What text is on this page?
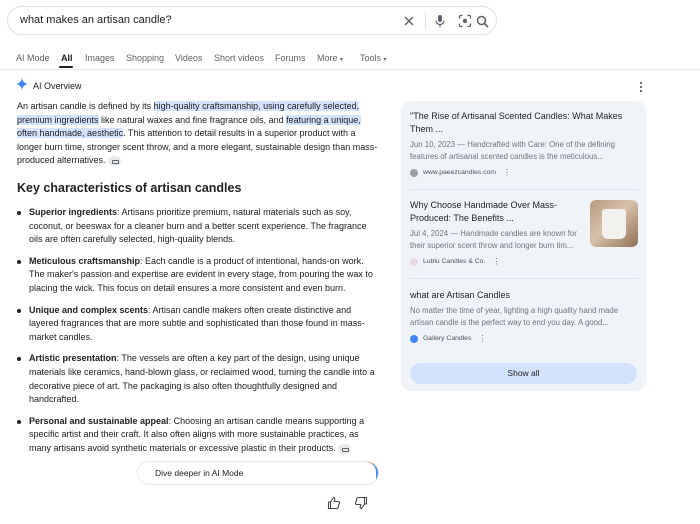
what makes an artisan candle?
AI Mode All Images Shopping Videos Short videos Forums More ▾ Tools ▾
AI Overview

An artisan candle is defined by its high-quality craftsmanship, using carefully selected, premium ingredients like natural waxes and fine fragrance oils, and featuring a unique, often handmade, aesthetic. This attention to detail results in a superior product with a longer burn time, stronger scent throw, and a more elegant, sustainable design than mass-produced alternatives.

Key characteristics of artisan candles
Superior ingredients: Artisans prioritize premium, natural materials such as soy, coconut, or beeswax for a cleaner burn and a better scent experience. The fragrance oils are often carefully selected, high-quality blends.
Meticulous craftsmanship: Each candle is a product of intentional, hands-on work. The maker's passion and expertise are evident in every stage, from pouring the wax to placing the wick. This focus on detail ensures a more consistent and even burn.
Unique and complex scents: Artisan candle makers often create distinctive and layered fragrances that are more subtle and sophisticated than those found in mass-market candles.
Artistic presentation: The vessels are often a key part of the design, using unique materials like ceramics, hand-blown glass, or reclaimed wood, turning the candle into a decorative piece of art. The packaging is also often thoughtfully designed and handcrafted.
Personal and sustainable appeal: Choosing an artisan candle means supporting a specific artist and their craft. It also often aligns with more sustainable practices, as many artisans avoid synthetic materials or excessive plastic in their products.
Dive deeper in AI Mode
"The Rise of Artisanal Scented Candles: What Makes Them ...
Jun 10, 2023 — Handcrafted with Care: One of the defining features of artisanal scented candles is the meticulous...
www.paeezcandles.com ⋮
Why Choose Handmade Over Mass-Produced: The Benefits ...
Jul 4, 2024 — Handmade candles are known for their superior scent throw and longer burn tim...
Lublu Candles & Co. ⋮
what are Artisan Candles
No matter the time of year, lighting a high quality hand made artisan candle is the perfect way to end you day. A good...
Gallery Candles ⋮
Show all
